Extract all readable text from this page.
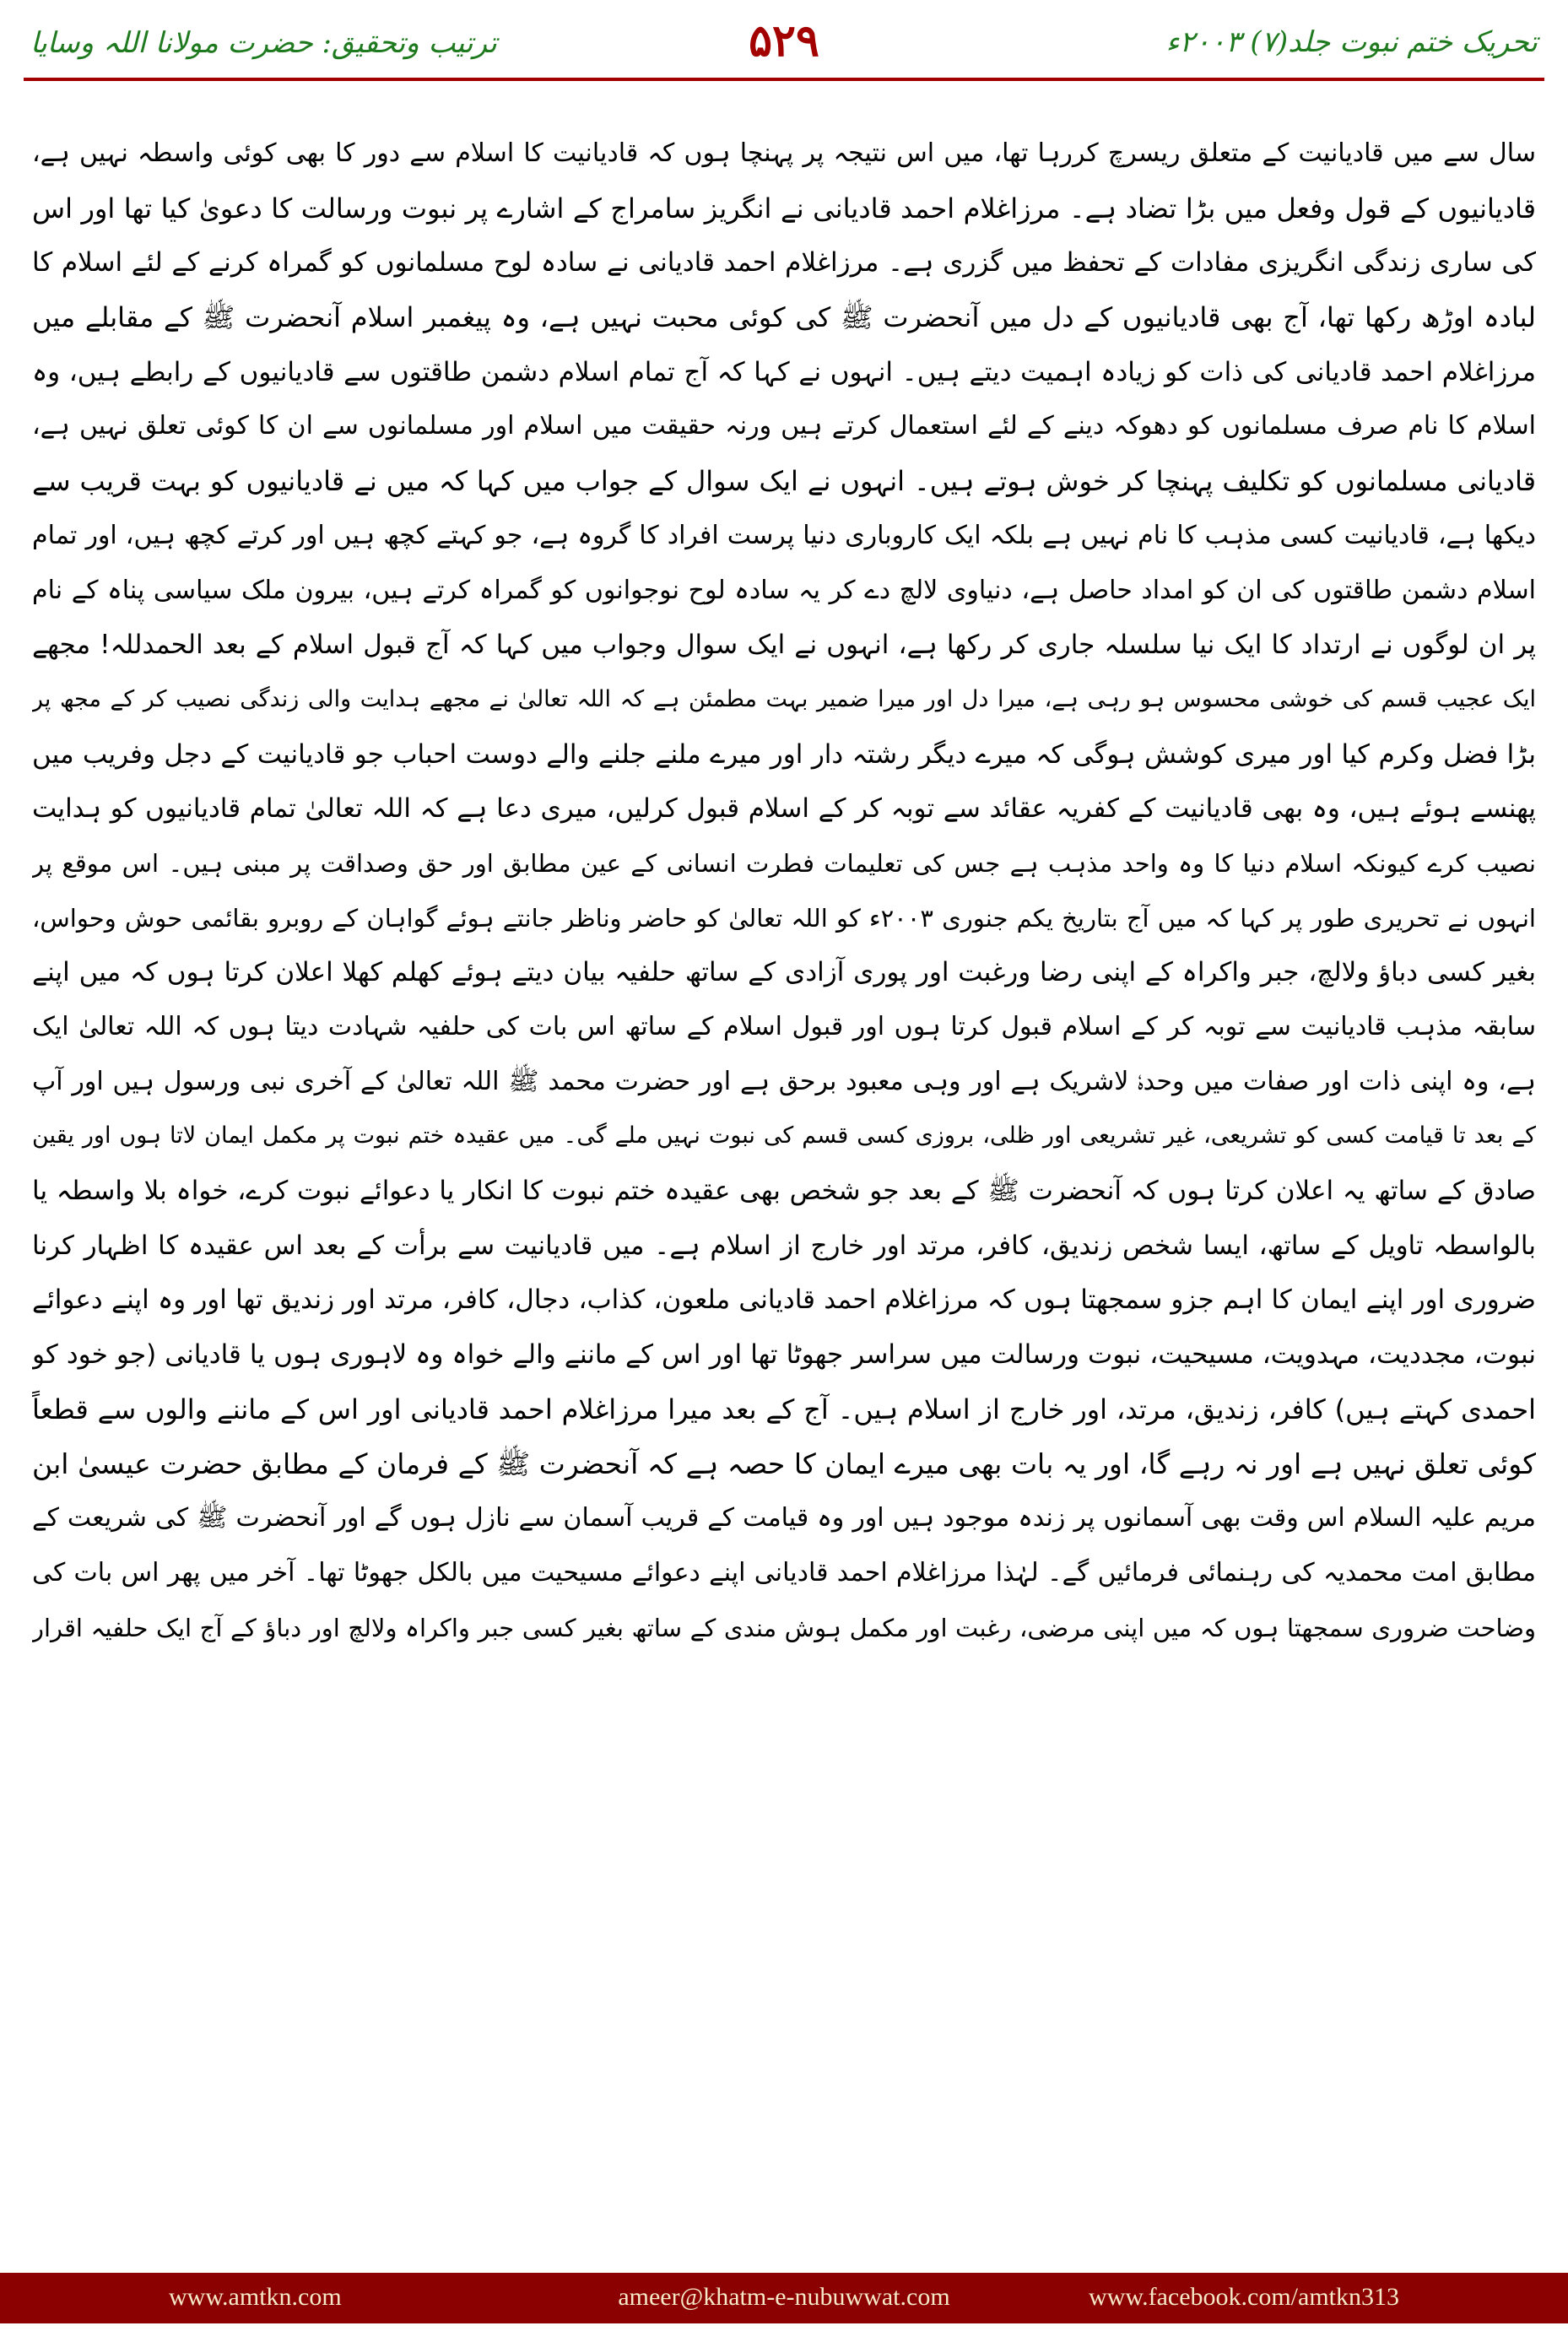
ترتیب وتحقیق: حضرت مولانا اللہ وسایا	۵۲۹	تحریک ختم نبوت جلد(۷) ۲۰۰۳ء
سال سے میں قادیانیت کے متعلق ریسرچ کررہا تھا، میں اس نتیجہ پر پہنچا ہوں کہ قادیانیت کا اسلام سے دور کا بھی کوئی واسطہ نہیں ہے،
قادیانیوں کے قول وفعل میں بڑا تضاد ہے۔ مرزاغلام احمد قادیانی نے انگریز سامراج کے اشارے پر نبوت ورسالت کا دعویٰ کیا تھا اور اس
کی ساری زندگی انگریزی مفادات کے تحفظ میں گزری ہے۔ مرزاغلام احمد قادیانی نے سادہ لوح مسلمانوں کو گمراہ کرنے کے لئے اسلام کا
لبادہ اوڑھ رکھا تھا، آج بھی قادیانیوں کے دل میں آنحضرت ﷺ کی کوئی محبت نہیں ہے، وہ پیغمبر اسلام آنحضرت ﷺ کے مقابلے میں
مرزاغلام احمد قادیانی کی ذات کو زیادہ اہمیت دیتے ہیں۔ انہوں نے کہا کہ آج تمام اسلام دشمن طاقتوں سے قادیانیوں کے رابطے ہیں، وہ
اسلام کا نام صرف مسلمانوں کو دھوکہ دینے کے لئے استعمال کرتے ہیں ورنہ حقیقت میں اسلام اور مسلمانوں سے ان کا کوئی تعلق نہیں ہے،
قادیانی مسلمانوں کو تکلیف پہنچا کر خوش ہوتے ہیں۔ انہوں نے ایک سوال کے جواب میں کہا کہ میں نے قادیانیوں کو بہت قریب سے
دیکھا ہے، قادیانیت کسی مذہب کا نام نہیں ہے بلکہ ایک کاروباری دنیا پرست افراد کا گروہ ہے، جو کہتے کچھ ہیں اور کرتے کچھ ہیں، اور تمام
اسلام دشمن طاقتوں کی ان کو امداد حاصل ہے، دنیاوی لالچ دے کر یہ سادہ لوح نوجوانوں کو گمراہ کرتے ہیں، بیرون ملک سیاسی پناہ کے نام
پر ان لوگوں نے ارتداد کا ایک نیا سلسلہ جاری کر رکھا ہے، انہوں نے ایک سوال وجواب میں کہا کہ آج قبول اسلام کے بعد الحمدللہ! مجھے
ایک عجیب قسم کی خوشی محسوس ہو رہی ہے، میرا دل اور میرا ضمیر بہت مطمئن ہے کہ اللہ تعالیٰ نے مجھے ہدایت والی زندگی نصیب کر کے مجھ پر
بڑا فضل وکرم کیا اور میری کوشش ہوگی کہ میرے دیگر رشتہ دار اور میرے ملنے جلنے والے دوست احباب جو قادیانیت کے دجل وفریب میں
پھنسے ہوئے ہیں، وہ بھی قادیانیت کے کفریہ عقائد سے توبہ کر کے اسلام قبول کرلیں، میری دعا ہے کہ اللہ تعالیٰ تمام قادیانیوں کو ہدایت
نصیب کرے کیونکہ اسلام دنیا کا وہ واحد مذہب ہے جس کی تعلیمات فطرت انسانی کے عین مطابق اور حق وصداقت پر مبنی ہیں۔ اس موقع پر
انہوں نے تحریری طور پر کہا کہ میں آج بتاریخ یکم جنوری ۲۰۰۳ء کو اللہ تعالیٰ کو حاضر وناظر جانتے ہوئے گواہان کے روبرو بقائمی حوش وحواس،
بغیر کسی دباؤ ولالچ، جبر واکراہ کے اپنی رضا ورغبت اور پوری آزادی کے ساتھ حلفیہ بیان دیتے ہوئے کھلم کھلا اعلان کرتا ہوں کہ میں اپنے
سابقہ مذہب قادیانیت سے توبہ کر کے اسلام قبول کرتا ہوں اور قبول اسلام کے ساتھ اس بات کی حلفیہ شہادت دیتا ہوں کہ اللہ تعالیٰ ایک
ہے، وہ اپنی ذات اور صفات میں وحدہٗ لاشریک ہے اور وہی معبود برحق ہے اور حضرت محمد ﷺ اللہ تعالیٰ کے آخری نبی ورسول ہیں اور آپ
کے بعد تا قیامت کسی کو تشریعی، غیر تشریعی اور ظلی، بروزی کسی قسم کی نبوت نہیں ملے گی۔ میں عقیدہ ختم نبوت پر مکمل ایمان لاتا ہوں اور یقین
صادق کے ساتھ یہ اعلان کرتا ہوں کہ آنحضرت ﷺ کے بعد جو شخص بھی عقیدہ ختم نبوت کا انکار یا دعوائے نبوت کرے، خواہ بلا واسطہ یا
بالواسطہ تاویل کے ساتھ، ایسا شخص زندیق، کافر، مرتد اور خارج از اسلام ہے۔ میں قادیانیت سے برأت کے بعد اس عقیدہ کا اظہار کرنا
ضروری اور اپنے ایمان کا اہم جزو سمجھتا ہوں کہ مرزاغلام احمد قادیانی ملعون، کذاب، دجال، کافر، مرتد اور زندیق تھا اور وہ اپنے دعوائے
نبوت، مجددیت، مہدویت، مسیحیت، نبوت ورسالت میں سراسر جھوٹا تھا اور اس کے ماننے والے خواہ وہ لاہوری ہوں یا قادیانی (جو خود کو
احمدی کہتے ہیں) کافر، زندیق، مرتد، اور خارج از اسلام ہیں۔ آج کے بعد میرا مرزاغلام احمد قادیانی اور اس کے ماننے والوں سے قطعاً
کوئی تعلق نہیں ہے اور نہ رہے گا، اور یہ بات بھی میرے ایمان کا حصہ ہے کہ آنحضرت ﷺ کے فرمان کے مطابق حضرت عیسیٰ ابن
مریم علیہ السلام اس وقت بھی آسمانوں پر زندہ موجود ہیں اور وہ قیامت کے قریب آسمان سے نازل ہوں گے اور آنحضرت ﷺ کی شریعت کے
مطابق امت محمدیہ کی رہنمائی فرمائیں گے۔ لہٰذا مرزاغلام احمد قادیانی اپنے دعوائے مسیحیت میں بالکل جھوٹا تھا۔ آخر میں پھر اس بات کی
وضاحت ضروری سمجھتا ہوں کہ میں اپنی مرضی، رغبت اور مکمل ہوش مندی کے ساتھ بغیر کسی جبر واکراہ ولالچ اور دباؤ کے آج ایک حلفیہ اقرار
www.amtkn.com	ameer@khatm-e-nubuwwat.com	www.facebook.com/amtkn313
